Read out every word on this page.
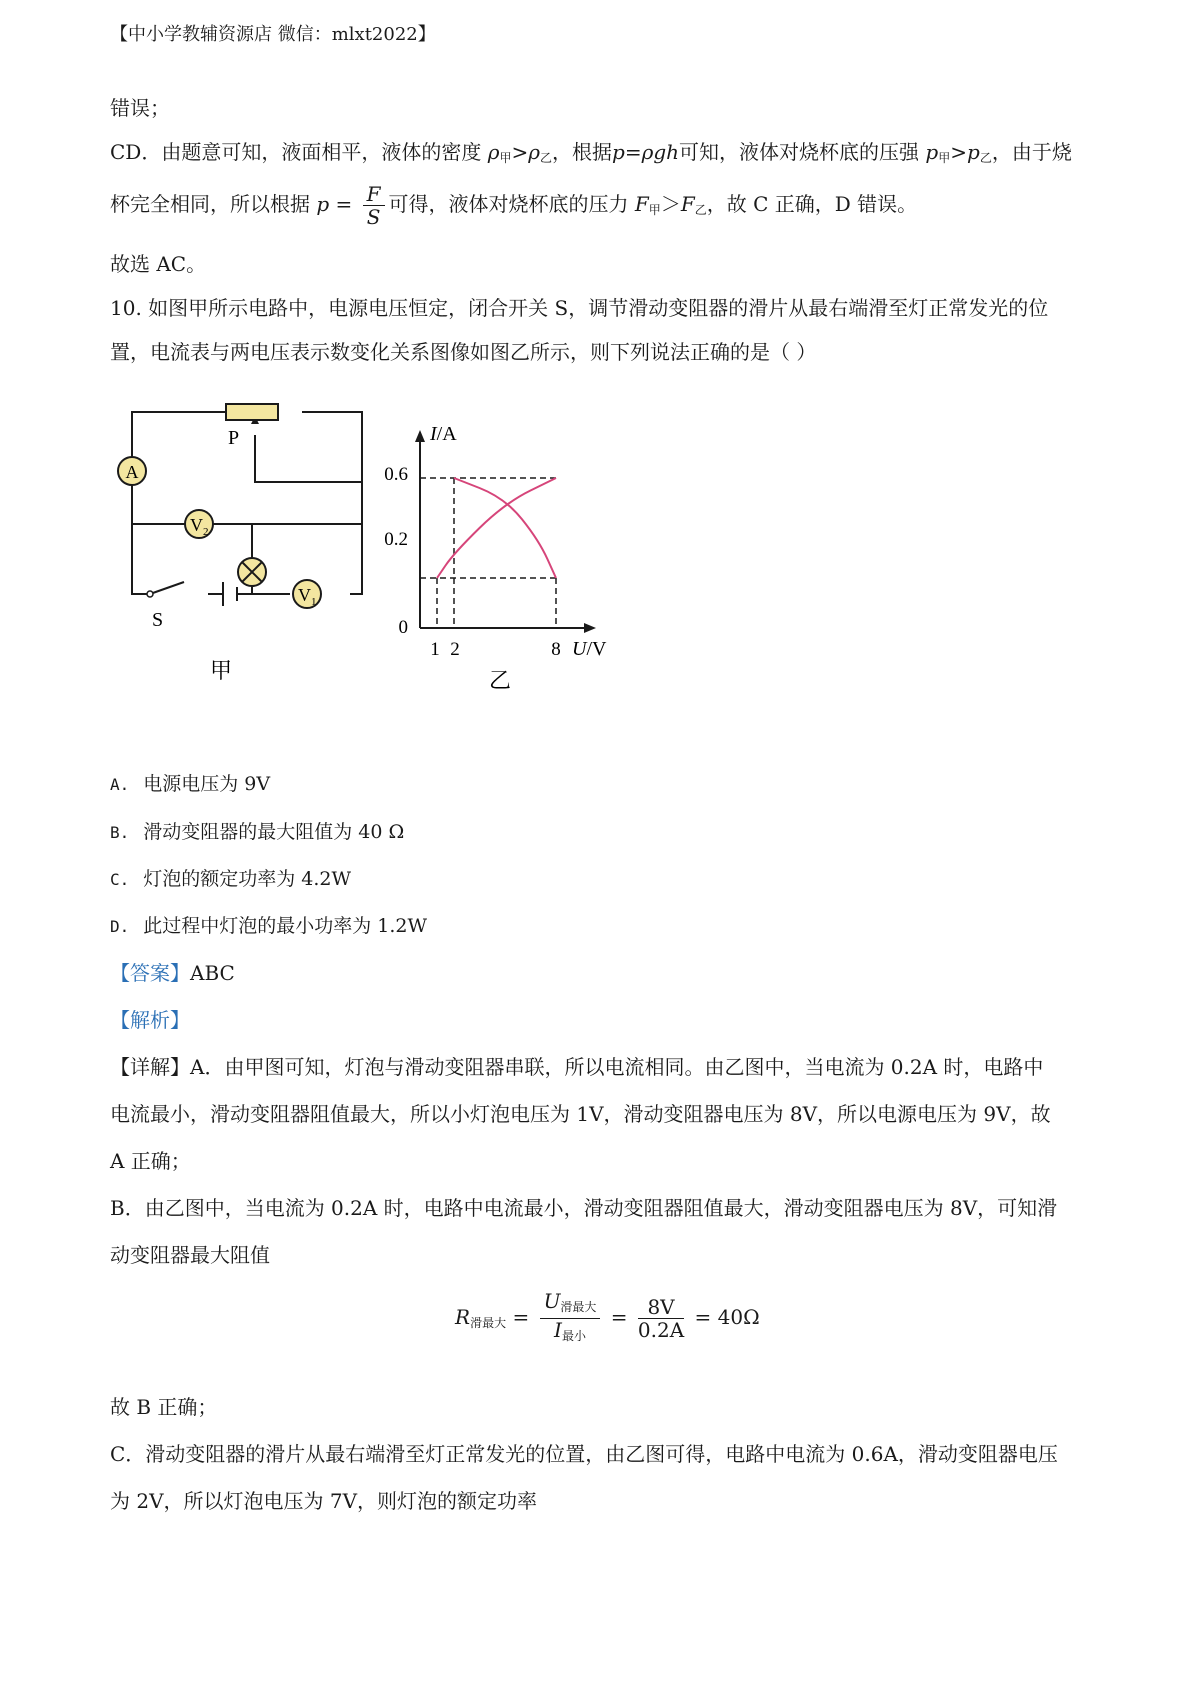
【中小学教辅资源店 微信：mlxt2022】
错误；
CD．由题意可知，液面相平，液体的密度 $\rho_甲>\rho_乙$，根据p=ρgh可知，液体对烧杯底的压强 $p_甲>p_乙$，由于烧
杯完全相同，所以根据 $p = \frac{F}{S}$ 可得，液体对烧杯底的压力 $F_甲>F_乙$，故 C 正确，D 错误。
故选 AC。
10. 如图甲所示电路中，电源电压恒定，闭合开关 S，调节滑动变阻器的滑片从最右端滑至灯正常发光的位
置，电流表与两电压表示数变化关系图像如图乙所示，则下列说法正确的是（ ）
A
V 2
V 1
P
S
甲
I/A
0.6
0.2
0
1 2	8 U/V
乙
A. 电源电压为 9V
B. 滑动变阻器的最大阻值为 40 Ω
C. 灯泡的额定功率为 4.2W
D. 此过程中灯泡的最小功率为 1.2W
【答案】ABC
【解析】
【详解】A．由甲图可知，灯泡与滑动变阻器串联，所以电流相同。由乙图中，当电流为 0.2A 时，电路中
电流最小，滑动变阻器阻值最大，所以小灯泡电压为 1V，滑动变阻器电压为 8V，所以电源电压为 9V，故
A 正确；
B．由乙图中，当电流为 0.2A 时，电路中电流最小，滑动变阻器阻值最大，滑动变阻器电压为 8V，可知滑
动变阻器最大阻值
$R_{滑最大} = \frac{U_{滑最大}}{I_{最小}} = \frac{8V}{0.2A} = 40\Omega$
故 B 正确；
C．滑动变阻器的滑片从最右端滑至灯正常发光的位置，由乙图可得，电路中电流为 0.6A，滑动变阻器电压
为 2V，所以灯泡电压为 7V，则灯泡的额定功率
